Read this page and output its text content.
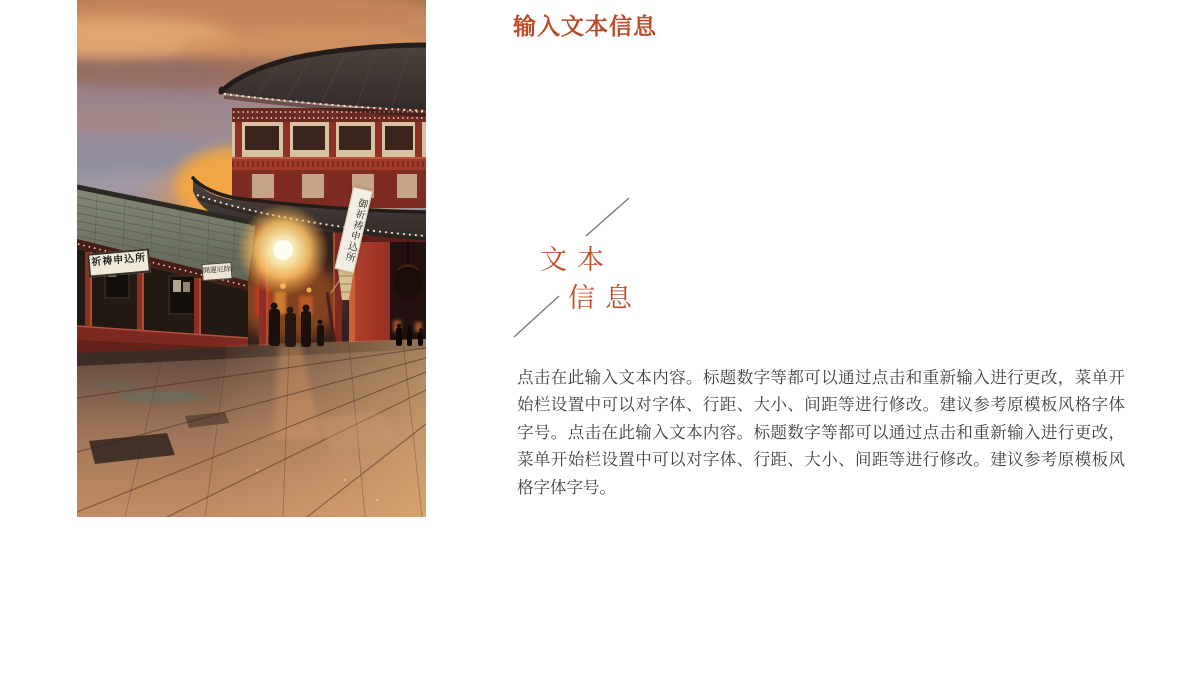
御祈祷申込所
祈祷申込所
開運厄除
输入文本信息
文本
信息

点击在此输入文本内容。标题数字等都可以通过点击和重新输入进行更改，菜单开始栏设置中可以对字体、行距、大小、间距等进行修改。建议参考原模板风格字体字号。点击在此输入文本内容。标题数字等都可以通过点击和重新输入进行更改，菜单开始栏设置中可以对字体、行距、大小、间距等进行修改。建议参考原模板风格字体字号。
